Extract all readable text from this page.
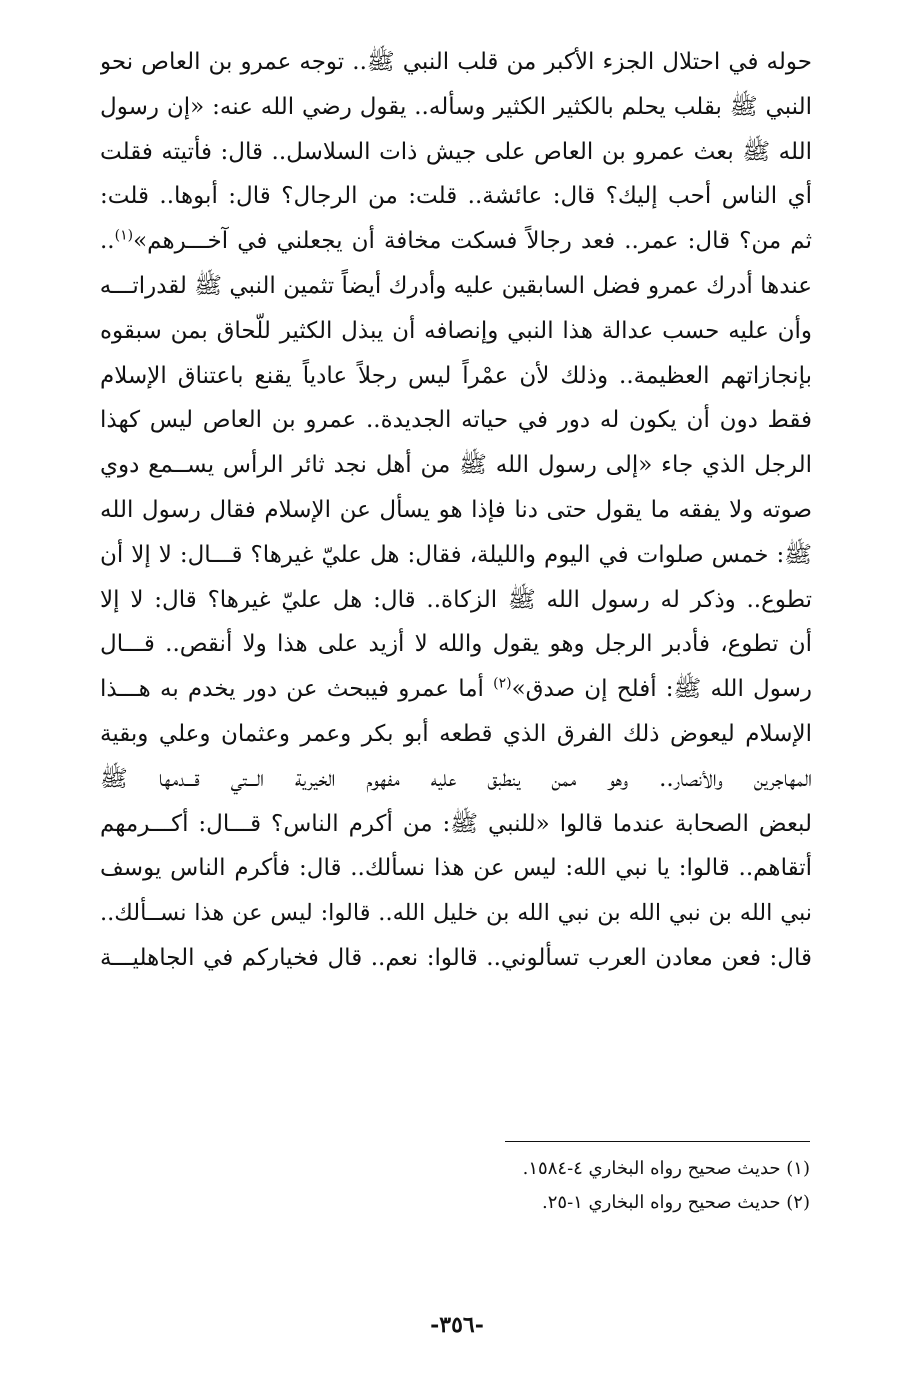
حوله في احتلال الجزء الأكبر من قلب النبي ﷺ.. توجه عمرو بن العاص نحو
النبي ﷺ بقلب يحلم بالكثير الكثير وسأله.. يقول رضي الله عنه: «إن رسول
الله ﷺ بعث عمرو بن العاص على جيش ذات السلاسل.. قال: فأتيته فقلت
أي الناس أحب إليك؟ قال: عائشة.. قلت: من الرجال؟ قال: أبوها.. قلت:
ثم من؟ قال: عمر.. فعد رجالاً فسكت مخافة أن يجعلني في آخـــرهم»$^{(١)}$..
عندها أدرك عمرو فضل السابقين عليه وأدرك أيضاً تثمين النبي ﷺ لقدراتـــه
وأن عليه حسب عدالة هذا النبي وإنصافه أن يبذل الكثير للّحاق بمن سبقوه
بإنجازاتهم العظيمة.. وذلك لأن عمْراً ليس رجلاً عادياً يقنع باعتناق الإسلام
فقط دون أن يكون له دور في حياته الجديدة.. عمرو بن العاص ليس كهذا
الرجل الذي جاء «إلى رسول الله ﷺ من أهل نجد ثائر الرأس يســمع دوي
صوته ولا يفقه ما يقول حتى دنا فإذا هو يسأل عن الإسلام فقال رسول الله
ﷺ: خمس صلوات في اليوم والليلة، فقال: هل عليّ غيرها؟ قـــال: لا إلا أن
تطوع.. وذكر له رسول الله ﷺ الزكاة.. قال: هل عليّ غيرها؟ قال: لا إلا
أن تطوع، فأدبر الرجل وهو يقول والله لا أزيد على هذا ولا أنقص.. قـــال
رسول الله ﷺ: أفلح إن صدق»$^{(٢)}$ أما عمرو فيبحث عن دور يخدم به هـــذا
الإسلام ليعوض ذلك الفرق الذي قطعه أبو بكر وعمر وعثمان وعلي وبقية
المهاجرين والأنصار.. وهو ممن ينطبق عليه مفهوم الخيرية الـــتي قـــدمها ﷺ
لبعض الصحابة عندما قالوا «للنبي ﷺ: من أكرم الناس؟ قـــال: أكـــرمهم
أتقاهم.. قالوا: يا نبي الله: ليس عن هذا نسألك.. قال: فأكرم الناس يوسف
نبي الله بن نبي الله بن نبي الله بن خليل الله.. قالوا: ليس عن هذا نســألك..
قال: فعن معادن العرب تسألوني.. قالوا: نعم.. قال فخياركم في الجاهليـــة
(١) حديث صحيح رواه البخاري ٤-١٥٨٤.
(٢) حديث صحيح رواه البخاري ١-٢٥.
-٣٥٦-
